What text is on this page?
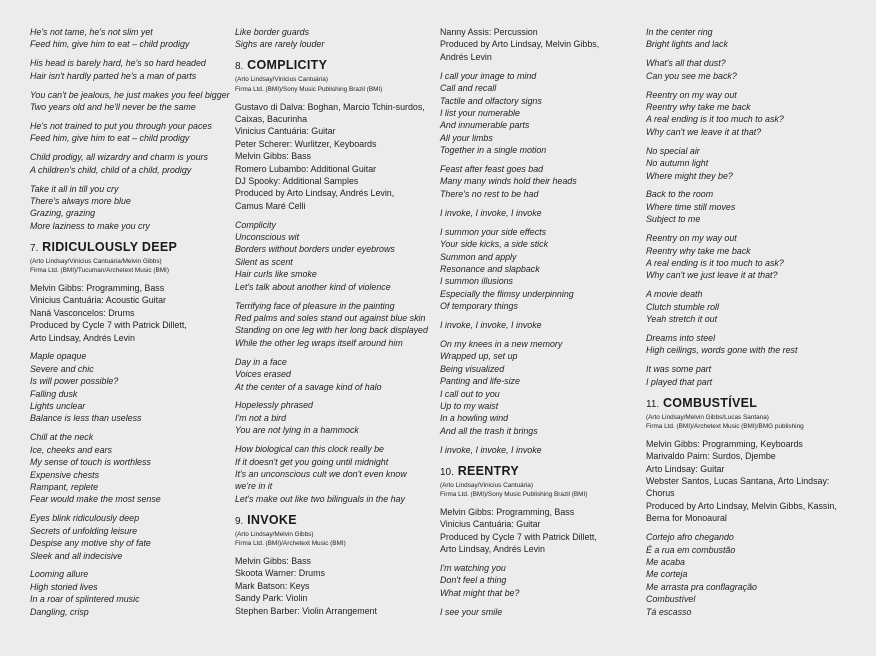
He's not tame, he's not slim yet
Feed him, give him to eat – child prodigy
His head is barely hard, he's so hard headed
Hair isn't hardly parted he's a man of parts
You can't be jealous, he just makes you feel bigger
Two years old and he'll never be the same
He's not trained to put you through your paces
Feed him, give him to eat – child prodigy
Child prodigy, all wizardry and charm is yours
A children's child, child of a child, prodigy
Take it all in till you cry
There's always more blue
Grazing, grazing
More laziness to make you cry
7. RIDICULOUSLY DEEP
(Arto Lindsay/Vinicius Cantuária/Melvin Gibbs)
Firma Ltd. (BMI)/Tucuman/Archetext Music (BMI)
Melvin Gibbs: Programming, Bass
Vinicius Cantuária: Acoustic Guitar
Naná Vasconcelos: Drums
Produced by Cycle 7 with Patrick Dillett,
Arto Lindsay, Andrés Levin
Maple opaque
Severe and chic
Is will power possible?
Falling dusk
Lights unclear
Balance is less than useless
Chill at the neck
Ice, cheeks and ears
My sense of touch is worthless
Expensive chests
Rampant, replete
Fear would make the most sense
Eyes blink ridiculously deep
Secrets of unfolding leisure
Despise any motive shy of fate
Sleek and all indecisive
Looming allure
High storied lives
In a roar of splintered music
Dangling, crisp
Like border guards
Sighs are rarely louder
8. COMPLICITY
(Arto Lindsay/Vinicius Cantuária)
Firma Ltd. (BMI)/Sony Music Publishing Brazil (BMI)
Gustavo di Dalva: Boghan, Marcio Tchin-surdos,
Caixas, Bacurinha
Vinicius Cantuária: Guitar
Peter Scherer: Wurlitzer, Keyboards
Melvin Gibbs: Bass
Romero Lubambo: Additional Guitar
DJ Spooky: Additional Samples
Produced by Arto Lindsay, Andrés Levin,
Camus Maré Celli
Complicity
Unconscious wit
Borders without borders under eyebrows
Silent as scent
Hair curls like smoke
Let's talk about another kind of violence
Terrifying face of pleasure in the painting
Red palms and soles stand out against blue skin
Standing on one leg with her long back displayed
While the other leg wraps itself around him
Day in a face
Voices erased
At the center of a savage kind of halo
Hopelessly phrased
I'm not a bird
You are not lying in a hammock
How biological can this clock really be
If it doesn't get you going until midnight
It's an unconscious cult we don't even know
we're in it
Let's make out like two bilinguals in the hay
9. INVOKE
(Arto Lindsay/Melvin Gibbs)
Firma Ltd. (BMI)/Archetext Music (BMI)
Melvin Gibbs: Bass
Skoota Warner: Drums
Mark Batson: Keys
Sandy Park: Violin
Stephen Barber: Violin Arrangement
Nanny Assis: Percussion
Produced by Arto Lindsay, Melvin Gibbs,
Andrés Levin
I call your image to mind
Call and recall
Tactile and olfactory signs
I list your numerable
And innumerable parts
All your limbs
Together in a single motion
Feast after feast goes bad
Many many winds hold their heads
There's no rest to be had
I invoke, I invoke, I invoke
I summon your side effects
Your side kicks, a side stick
Summon and apply
Resonance and slapback
I summon illusions
Especially the flimsy underpinning
Of temporary things
I invoke, I invoke, I invoke
On my knees in a new memory
Wrapped up, set up
Being visualized
Panting and life-size
I call out to you
Up to my waist
In a howling wind
And all the trash it brings
I invoke, I invoke, I invoke
10. REENTRY
(Arto Lindsay/Vinicius Cantuária)
Firma Ltd. (BMI)/Sony Music Publishing Brazil (BMI)
Melvin Gibbs: Programming, Bass
Vinicius Cantuária: Guitar
Produced by Cycle 7 with Patrick Dillett,
Arto Lindsay, Andrés Levin
I'm watching you
Don't feel a thing
What might that be?
I see your smile
In the center ring
Bright lights and lack
What's all that dust?
Can you see me back?
Reentry on my way out
Reentry why take me back
A real ending is it too much to ask?
Why can't we leave it at that?
No special air
No autumn light
Where might they be?
Back to the room
Where time still moves
Subject to me
Reentry on my way out
Reentry why take me back
A real ending is it too much to ask?
Why can't we just leave it at that?
A movie death
Clutch stumble roll
Yeah stretch it out
Dreams into steel
High ceilings, words gone with the rest
It was some part
I played that part
11. COMBUSTÍVEL
(Arto Lindsay/Melvin Gibbs/Lucas Santana)
Firma Ltd. (BMI)/Archetext Music (BMI)/BMG publishing
Melvin Gibbs: Programming, Keyboards
Marivaldo Paim: Surdos, Djembe
Arto Lindsay: Guitar
Webster Santos, Lucas Santana, Arto Lindsay:
Chorus
Produced by Arto Lindsay, Melvin Gibbs, Kassin,
Berna for Monoaural
Cortejo afro chegando
É a rua em combustão
Me acaba
Me corteja
Me arrasta pra conflagração
Combustível
Tá escasso
